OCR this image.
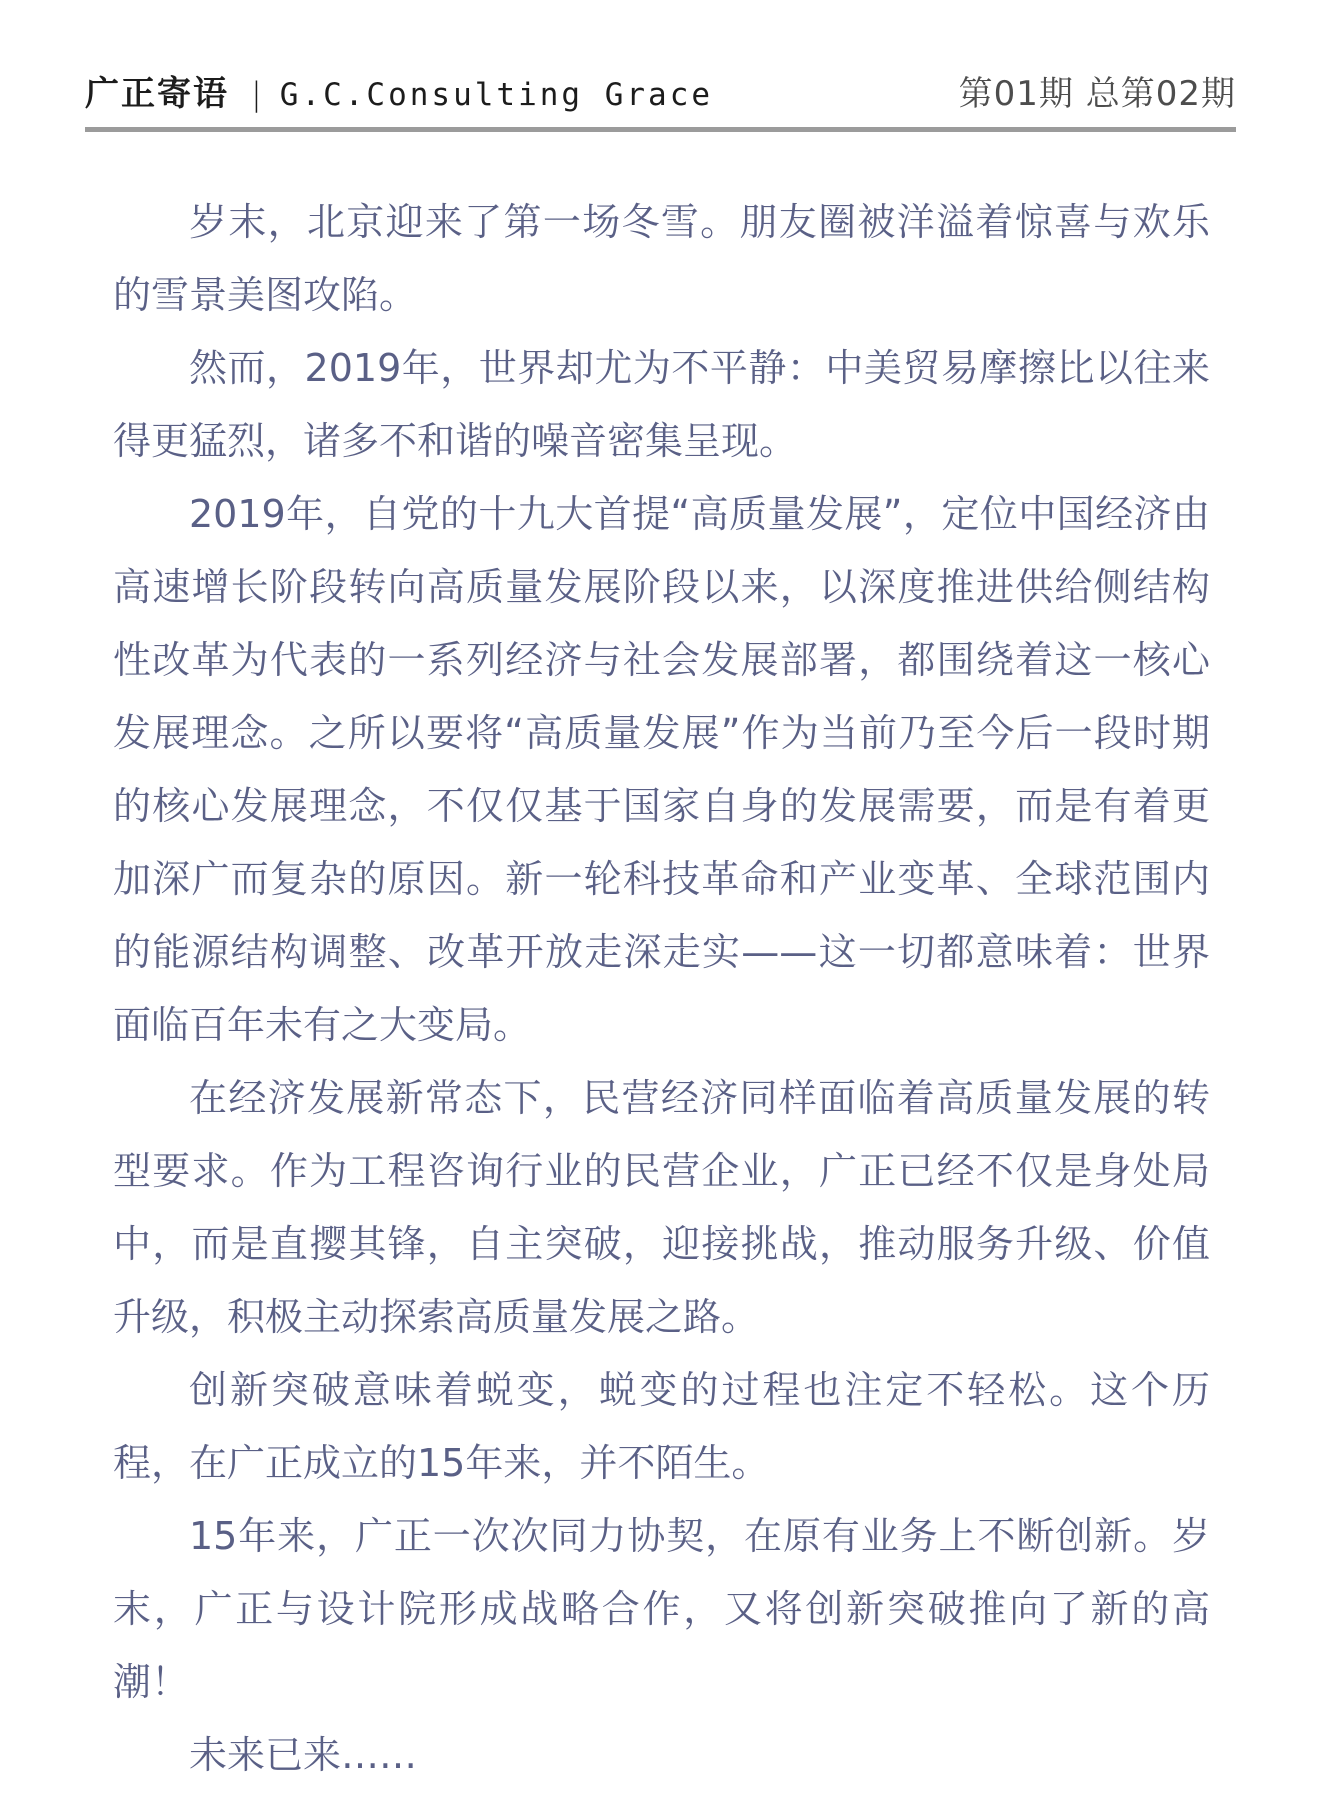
广正寄语 | G.C.Consulting Grace	第01期 总第02期

岁末，北京迎来了第一场冬雪。朋友圈被洋溢着惊喜与欢乐的雪景美图攻陷。

然而，2019年，世界却尤为不平静：中美贸易摩擦比以往来得更猛烈，诸多不和谐的噪音密集呈现。

2019年，自党的十九大首提“高质量发展”，定位中国经济由高速增长阶段转向高质量发展阶段以来，以深度推进供给侧结构性改革为代表的一系列经济与社会发展部署，都围绕着这一核心发展理念。之所以要将“高质量发展”作为当前乃至今后一段时期的核心发展理念，不仅仅基于国家自身的发展需要，而是有着更加深广而复杂的原因。新一轮科技革命和产业变革、全球范围内的能源结构调整、改革开放走深走实——这一切都意味着：世界面临百年未有之大变局。

在经济发展新常态下，民营经济同样面临着高质量发展的转型要求。作为工程咨询行业的民营企业，广正已经不仅是身处局中，而是直撄其锋，自主突破，迎接挑战，推动服务升级、价值升级，积极主动探索高质量发展之路。

创新突破意味着蜕变，蜕变的过程也注定不轻松。这个历程，在广正成立的15年来，并不陌生。

15年来，广正一次次同力协契，在原有业务上不断创新。岁末，广正与设计院形成战略合作，又将创新突破推向了新的高潮！

未来已来……
